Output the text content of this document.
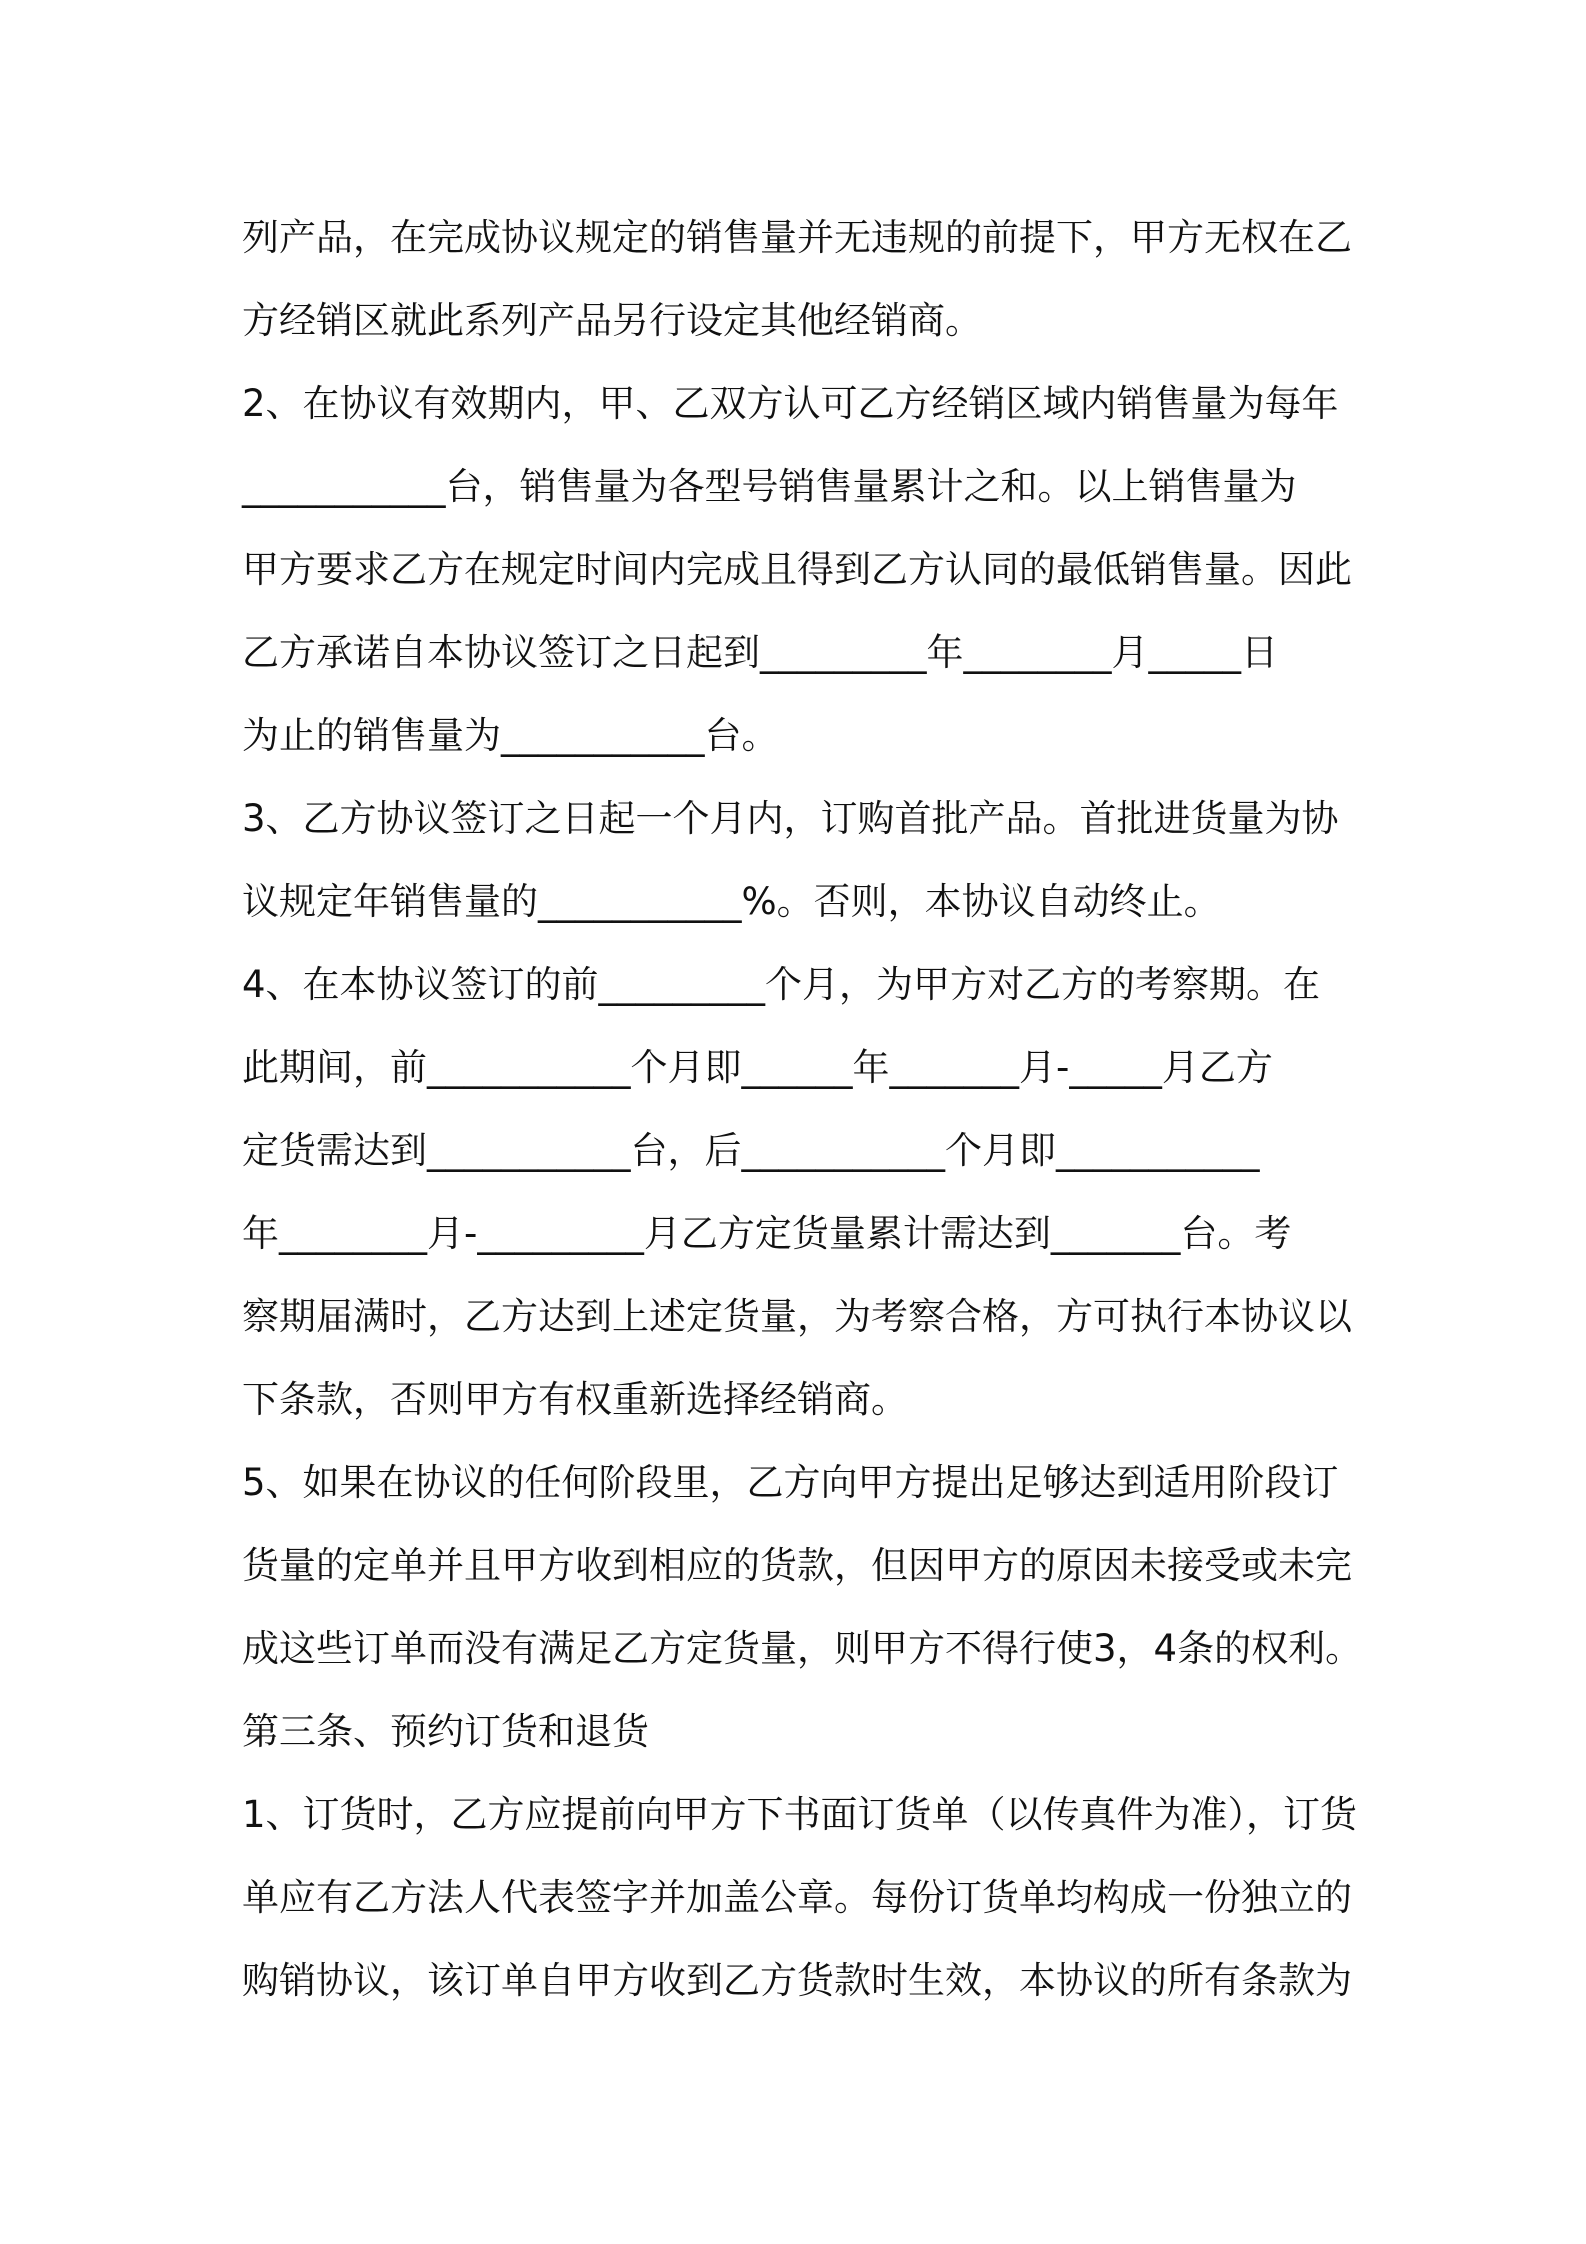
列产品，在完成协议规定的销售量并无违规的前提下，甲方无权在乙
方经销区就此系列产品另行设定其他经销商。
2、在协议有效期内，甲、乙双方认可乙方经销区域内销售量为每年
___________台，销售量为各型号销售量累计之和。以上销售量为
甲方要求乙方在规定时间内完成且得到乙方认同的最低销售量。因此
乙方承诺自本协议签订之日起到_________年________月_____日
为止的销售量为___________台。
3、乙方协议签订之日起一个月内，订购首批产品。首批进货量为协
议规定年销售量的___________%。否则，本协议自动终止。
4、在本协议签订的前_________个月，为甲方对乙方的考察期。在
此期间，前___________个月即______年_______月-_____月乙方
定货需达到___________台，后___________个月即___________
年________月-_________月乙方定货量累计需达到_______台。考
察期届满时，乙方达到上述定货量，为考察合格，方可执行本协议以
下条款，否则甲方有权重新选择经销商。
5、如果在协议的任何阶段里，乙方向甲方提出足够达到适用阶段订
货量的定单并且甲方收到相应的货款，但因甲方的原因未接受或未完
成这些订单而没有满足乙方定货量，则甲方不得行使3，4条的权利。
第三条、预约订货和退货
1、订货时，乙方应提前向甲方下书面订货单（以传真件为准），订货
单应有乙方法人代表签字并加盖公章。每份订货单均构成一份独立的
购销协议，该订单自甲方收到乙方货款时生效，本协议的所有条款为
